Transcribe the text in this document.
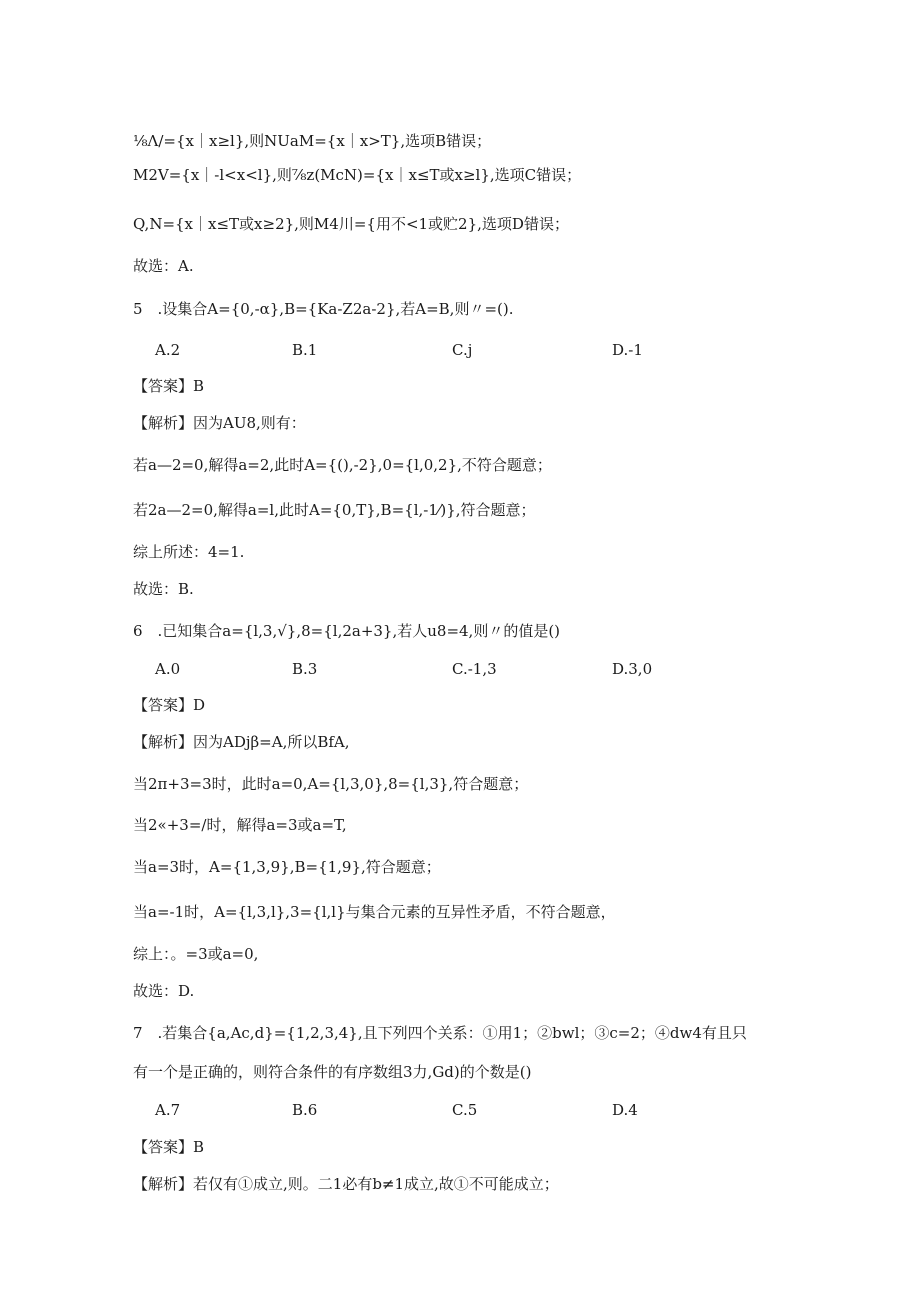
⅛Λ/={x｜x≥l},则NUaM={x｜x>T},选项B错误；
M2V={x｜-l<x<l},则⅞z(McN)={x｜x≤T或x≥l},选项C错误；
Q,N={x｜x≤T或x≥2},则M4川={用不<1或贮2},选项D错误；
故选：A.
5　.设集合A={0,-α},B={Ka-Z2a-2},若A=B,则〃=().
A.2	B.1	C.j	D.-1
【答案】B
【解析】因为AU8,则有：
若a—2=0,解得a=2,此时A={(),-2},0={l,0,2},不符合题意；
若2a—2=0,解得a=l,此时A={0,T},B={l,-1⁄)},符合题意；
综上所述：4=1.
故选：B.
6　.已知集合a={l,3,√},8={l,2a+3},若人u8=4,则〃的值是()
A.0	B.3	C.-1,3	D.3,0
【答案】D
【解析】因为ADjβ=A,所以BfA,
当2π+3=3时，此时a=0,A={l,3,0},8={l,3},符合题意；
当2«+3=/时，解得a=3或a=T,
当a=3时，A={1,3,9},B={1,9},符合题意；
当a=-1时，A={l,3,l},3={l,l}与集合元素的互异性矛盾，不符合题意，
综上：。=3或a=0,
故选：D.
7　.若集合{a,Ac,d}={1,2,3,4},且下列四个关系：①用1；②bwl；③c=2；④dw4有且只
有一个是正确的，则符合条件的有序数组3力,Gd)的个数是()
A.7	B.6	C.5	D.4
【答案】B
【解析】若仅有①成立,则。二1必有b≠1成立,故①不可能成立；
